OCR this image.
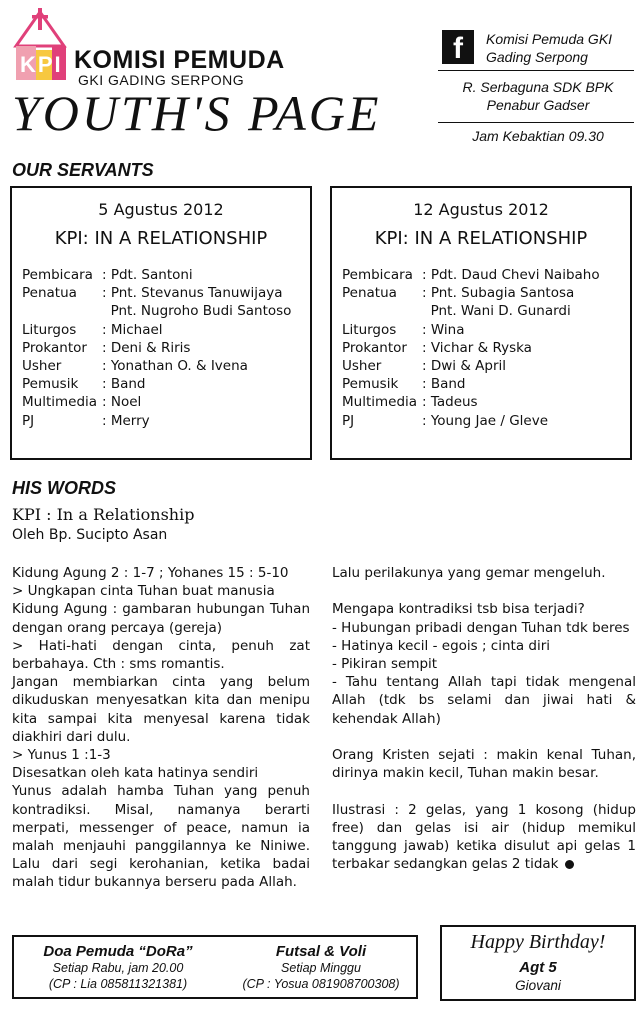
KPI KOMISI PEMUDA
GKI GADING SERPONG
YOUTH'S PAGE
f	Komisi Pemuda GKI
Gading Serpong
R. Serbaguna SDK BPK
Penabur Gadser
Jam Kebaktian 09.30
OUR SERVANTS
5 Agustus 2012
KPI: IN A RELATIONSHIP
Pembicara : Pdt. Santoni
Penatua	: Pnt. Stevanus Tanuwijaya
Pnt. Nugroho Budi Santoso
Liturgos	: Michael
Prokantor	: Deni & Riris
Usher	: Yonathan O. & Ivena
Pemusik	: Band
Multimedia : Noel
PJ	: Merry
12 Agustus 2012
KPI: IN A RELATIONSHIP
Pembicara : Pdt. Daud Chevi Naibaho
Penatua	: Pnt. Subagia Santosa
Pnt. Wani D. Gunardi
Liturgos	: Wina
Prokantor	: Vichar & Ryska
Usher	: Dwi & April
Pemusik	: Band
Multimedia : Tadeus
PJ	: Young Jae / Gleve
HIS WORDS
KPI : In a Relationship
Oleh Bp. Sucipto Asan

Kidung Agung 2 : 1-7 ; Yohanes 15 : 5-10

> Ungkapan cinta Tuhan buat manusia

Kidung Agung : gambaran hubungan Tuhan dengan orang percaya (gereja)

> Hati-hati dengan cinta, penuh zat berbahaya. Cth : sms romantis.

Jangan membiarkan cinta yang belum dikuduskan menyesatkan kita dan menipu kita sampai kita menyesal karena tidak diakhiri dari dulu.

> Yunus 1 :1-3

Disesatkan oleh kata hatinya sendiri

Yunus adalah hamba Tuhan yang penuh kontradiksi. Misal, namanya berarti merpati, messenger of peace, namun ia malah menjauhi panggilannya ke Niniwe. Lalu dari segi kerohanian, ketika badai malah tidur bukannya berseru pada Allah.

Lalu perilakunya yang gemar mengeluh.

Mengapa kontradiksi tsb bisa terjadi?

- Hubungan pribadi dengan Tuhan tdk beres

- Hatinya kecil - egois ; cinta diri

- Pikiran sempit

- Tahu tentang Allah tapi tidak mengenal Allah (tdk bs selami dan jiwai hati & kehendak Allah)

Orang Kristen sejati : makin kenal Tuhan, dirinya makin kecil, Tuhan makin besar.

Ilustrasi : 2 gelas, yang 1 kosong (hidup free) dan gelas isi air (hidup memikul tanggung jawab) ketika disulut api gelas 1 terbakar sedangkan gelas 2 tidak

Doa Pemuda “DoRa”
Setiap Rabu, jam 20.00
(CP : Lia 085811321381)
Futsal & Voli
Setiap Minggu
(CP : Yosua 081908700308)
Happy Birthday!
Agt 5
Giovani
